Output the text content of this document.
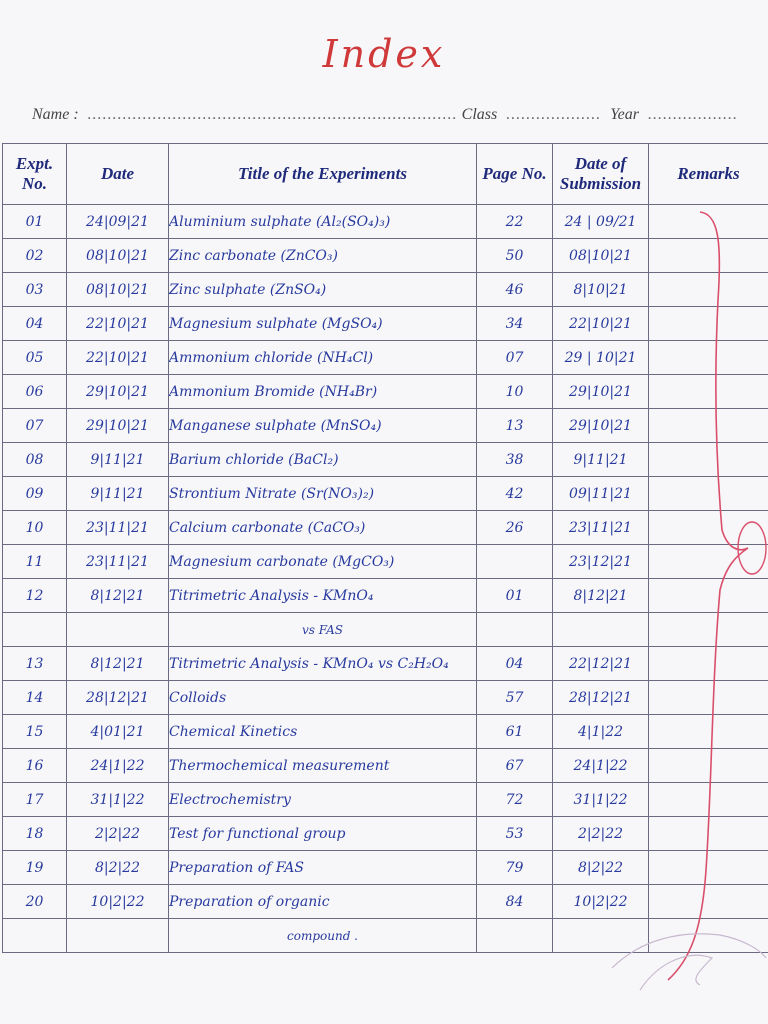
Index
Name :  .......................................................................... Class  ...................  Year  ..................
Expt. No.	Date	Title of the Experiments	Page No.	Date of Submission	Remarks
01	24|09|21	Aluminium sulphate (Al₂(SO₄)₃)	22	24 | 09/21	
02	08|10|21	Zinc carbonate (ZnCO₃)	50	08|10|21	
03	08|10|21	Zinc sulphate (ZnSO₄)	46	8|10|21	
04	22|10|21	Magnesium sulphate (MgSO₄)	34	22|10|21	
05	22|10|21	Ammonium chloride (NH₄Cl)	07	29 | 10|21	
06	29|10|21	Ammonium Bromide (NH₄Br)	10	29|10|21	
07	29|10|21	Manganese sulphate (MnSO₄)	13	29|10|21	
08	9|11|21	Barium chloride (BaCl₂)	38	9|11|21	
09	9|11|21	Strontium Nitrate (Sr(NO₃)₂)	42	09|11|21	
10	23|11|21	Calcium carbonate (CaCO₃)	26	23|11|21	
11	23|11|21	Magnesium carbonate (MgCO₃)		23|12|21	
12	8|12|21	Titrimetric Analysis - KMnO₄	01	8|12|21	
		vs FAS			
13	8|12|21	Titrimetric Analysis - KMnO₄ vs C₂H₂O₄	04	22|12|21	
14	28|12|21	Colloids	57	28|12|21	
15	4|01|21	Chemical Kinetics	61	4|1|22	
16	24|1|22	Thermochemical measurement	67	24|1|22	
17	31|1|22	Electrochemistry	72	31|1|22	
18	2|2|22	Test for functional group	53	2|2|22	
19	8|2|22	Preparation of FAS	79	8|2|22	
20	10|2|22	Preparation of organic	84	10|2|22	
		compound .			
